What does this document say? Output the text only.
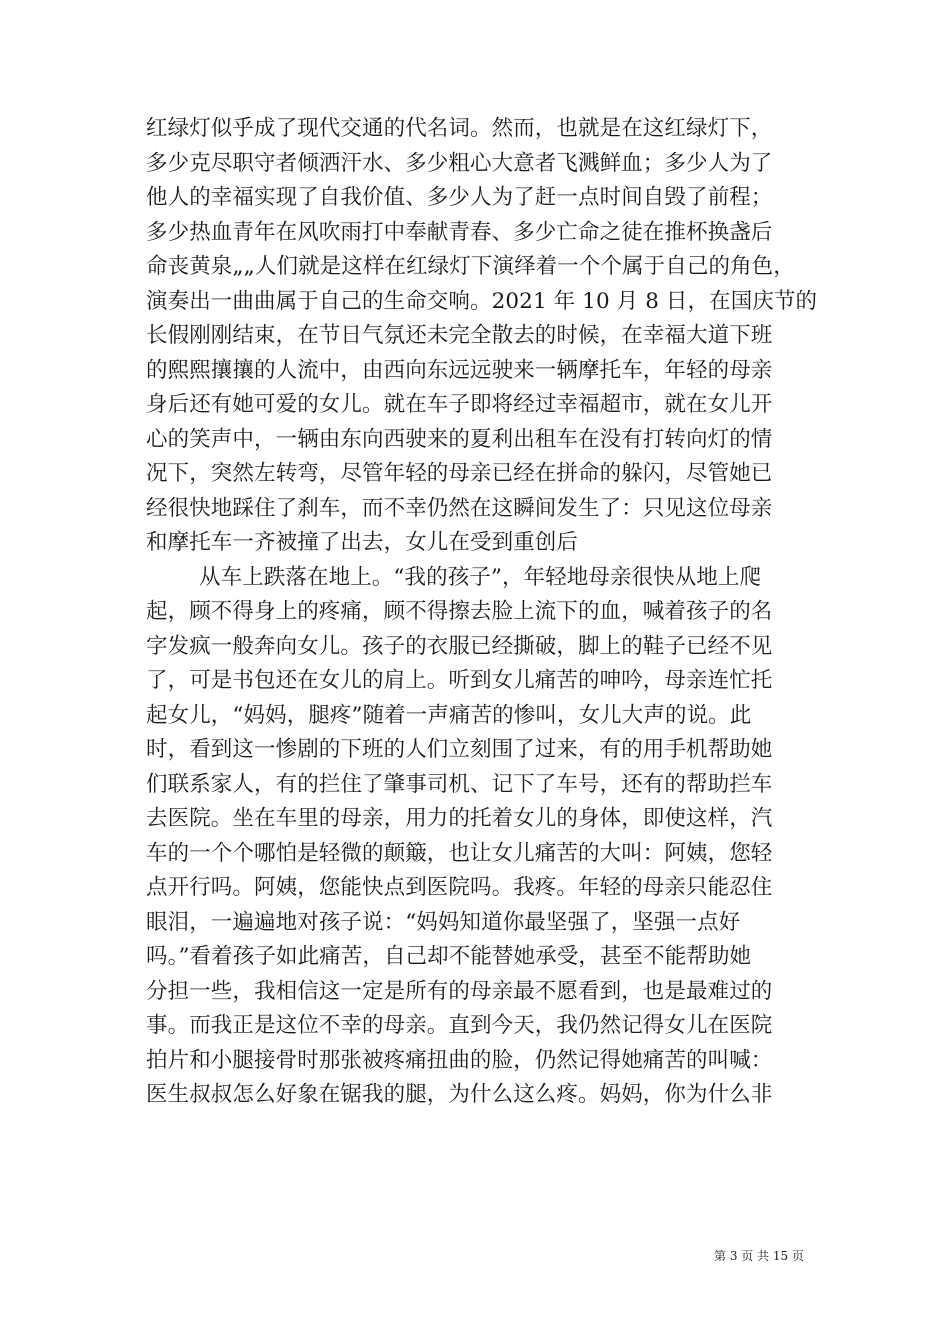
红绿灯似乎成了现代交通的代名词。然而，也就是在这红绿灯下，
多少克尽职守者倾洒汗水、多少粗心大意者飞溅鲜血；多少人为了
他人的幸福实现了自我价值、多少人为了赶一点时间自毁了前程；
多少热血青年在风吹雨打中奉献青春、多少亡命之徒在推杯换盏后
命丧黄泉„„人们就是这样在红绿灯下演绎着一个个属于自己的角色，
演奏出一曲曲属于自己的生命交响。2021 年 10 月 8 日，在国庆节的
长假刚刚结束，在节日气氛还未完全散去的时候，在幸福大道下班
的熙熙攘攘的人流中，由西向东远远驶来一辆摩托车，年轻的母亲
身后还有她可爱的女儿。就在车子即将经过幸福超市，就在女儿开
心的笑声中，一辆由东向西驶来的夏利出租车在没有打转向灯的情
况下，突然左转弯，尽管年轻的母亲已经在拼命的躲闪，尽管她已
经很快地踩住了刹车，而不幸仍然在这瞬间发生了：只见这位母亲
和摩托车一齐被撞了出去，女儿在受到重创后
从车上跌落在地上。“我的孩子”，年轻地母亲很快从地上爬
起，顾不得身上的疼痛，顾不得擦去脸上流下的血，喊着孩子的名
字发疯一般奔向女儿。孩子的衣服已经撕破，脚上的鞋子已经不见
了，可是书包还在女儿的肩上。听到女儿痛苦的呻吟，母亲连忙托
起女儿，“妈妈，腿疼”随着一声痛苦的惨叫，女儿大声的说。此
时，看到这一惨剧的下班的人们立刻围了过来，有的用手机帮助她
们联系家人，有的拦住了肇事司机、记下了车号，还有的帮助拦车
去医院。坐在车里的母亲，用力的托着女儿的身体，即使这样，汽
车的一个个哪怕是轻微的颠簸，也让女儿痛苦的大叫：阿姨，您轻
点开行吗。阿姨，您能快点到医院吗。我疼。年轻的母亲只能忍住
眼泪，一遍遍地对孩子说：“妈妈知道你最坚强了，坚强一点好
吗。”看着孩子如此痛苦，自己却不能替她承受，甚至不能帮助她
分担一些，我相信这一定是所有的母亲最不愿看到，也是最难过的
事。而我正是这位不幸的母亲。直到今天，我仍然记得女儿在医院
拍片和小腿接骨时那张被疼痛扭曲的脸，仍然记得她痛苦的叫喊：
医生叔叔怎么好象在锯我的腿，为什么这么疼。妈妈，你为什么非
第 3 页 共 15 页
